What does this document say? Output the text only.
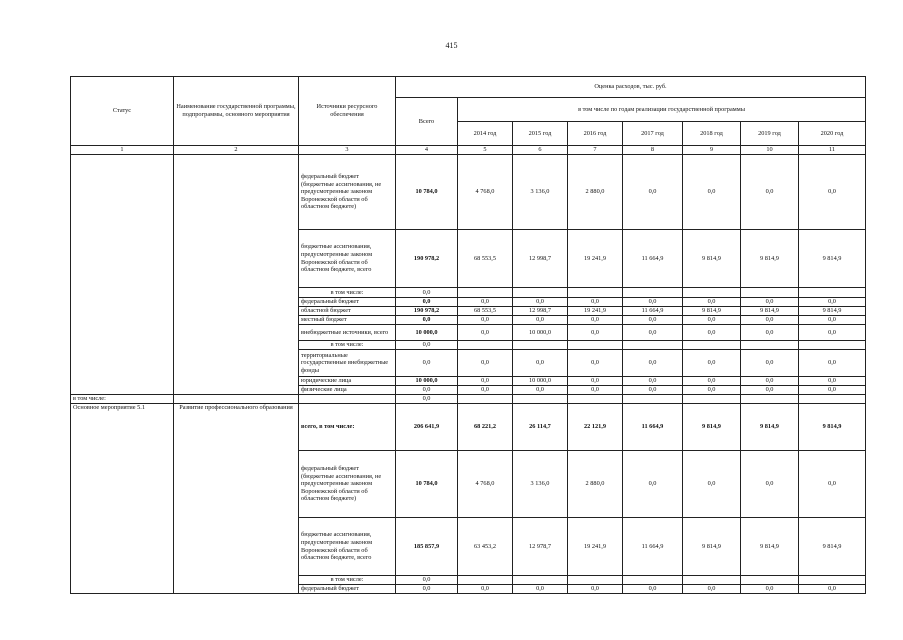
415
Статус	Наименование государственной программы, подпрограммы, основного мероприятия	Источники ресурсного обеспечения	Оценка расходов, тыс. руб.							
			Всего	в том числе по годам реализации государственной программы						
				2014 год	2015 год	2016 год	2017 год	2018 год	2019 год	2020 год
1	2	3	4	5	6	7	8	9	10	11
		федеральный бюджет (бюджетные ассигнования, не предусмотренные законом Воронежской области об областном бюджете)	10 784,0	4 768,0	3 136,0	2 880,0	0,0	0,0	0,0	0,0
		бюджетные ассигнования, предусмотренные законом Воронежской области об областном бюджете, всего	190 978,2	68 553,5	12 998,7	19 241,9	11 664,9	9 814,9	9 814,9	9 814,9
		в том числе:	0,0							
		федеральный бюджет	0,0	0,0	0,0	0,0	0,0	0,0	0,0	0,0
		областной бюджет	190 978,2	68 553,5	12 998,7	19 241,9	11 664,9	9 814,9	9 814,9	9 814,9
		местный бюджет	0,0	0,0	0,0	0,0	0,0	0,0	0,0	0,0
		внебюджетные источники, всего	10 000,0	0,0	10 000,0	0,0	0,0	0,0	0,0	0,0
		в том числе:	0,0							
		территориальные государственные внебюджетные фонды	0,0	0,0	0,0	0,0	0,0	0,0	0,0	0,0
		юридические лица	10 000,0	0,0	10 000,0	0,0	0,0	0,0	0,0	0,0
		физические лица	0,0	0,0	0,0	0,0	0,0	0,0	0,0	0,0
в том числе:			0,0							
Основное мероприятие 5.1	Развитие профессионального образования	всего, в том числе:	206 641,9	68 221,2	26 114,7	22 121,9	11 664,9	9 814,9	9 814,9	9 814,9
		федеральный бюджет (бюджетные ассигнования, не предусмотренные законом Воронежской области об областном бюджете)	10 784,0	4 768,0	3 136,0	2 880,0	0,0	0,0	0,0	0,0
		бюджетные ассигнования, предусмотренные законом Воронежской области об областном бюджете, всего	185 857,9	63 453,2	12 978,7	19 241,9	11 664,9	9 814,9	9 814,9	9 814,9
		в том числе:	0,0							
		федеральный бюджет	0,0	0,0	0,0	0,0	0,0	0,0	0,0	0,0
